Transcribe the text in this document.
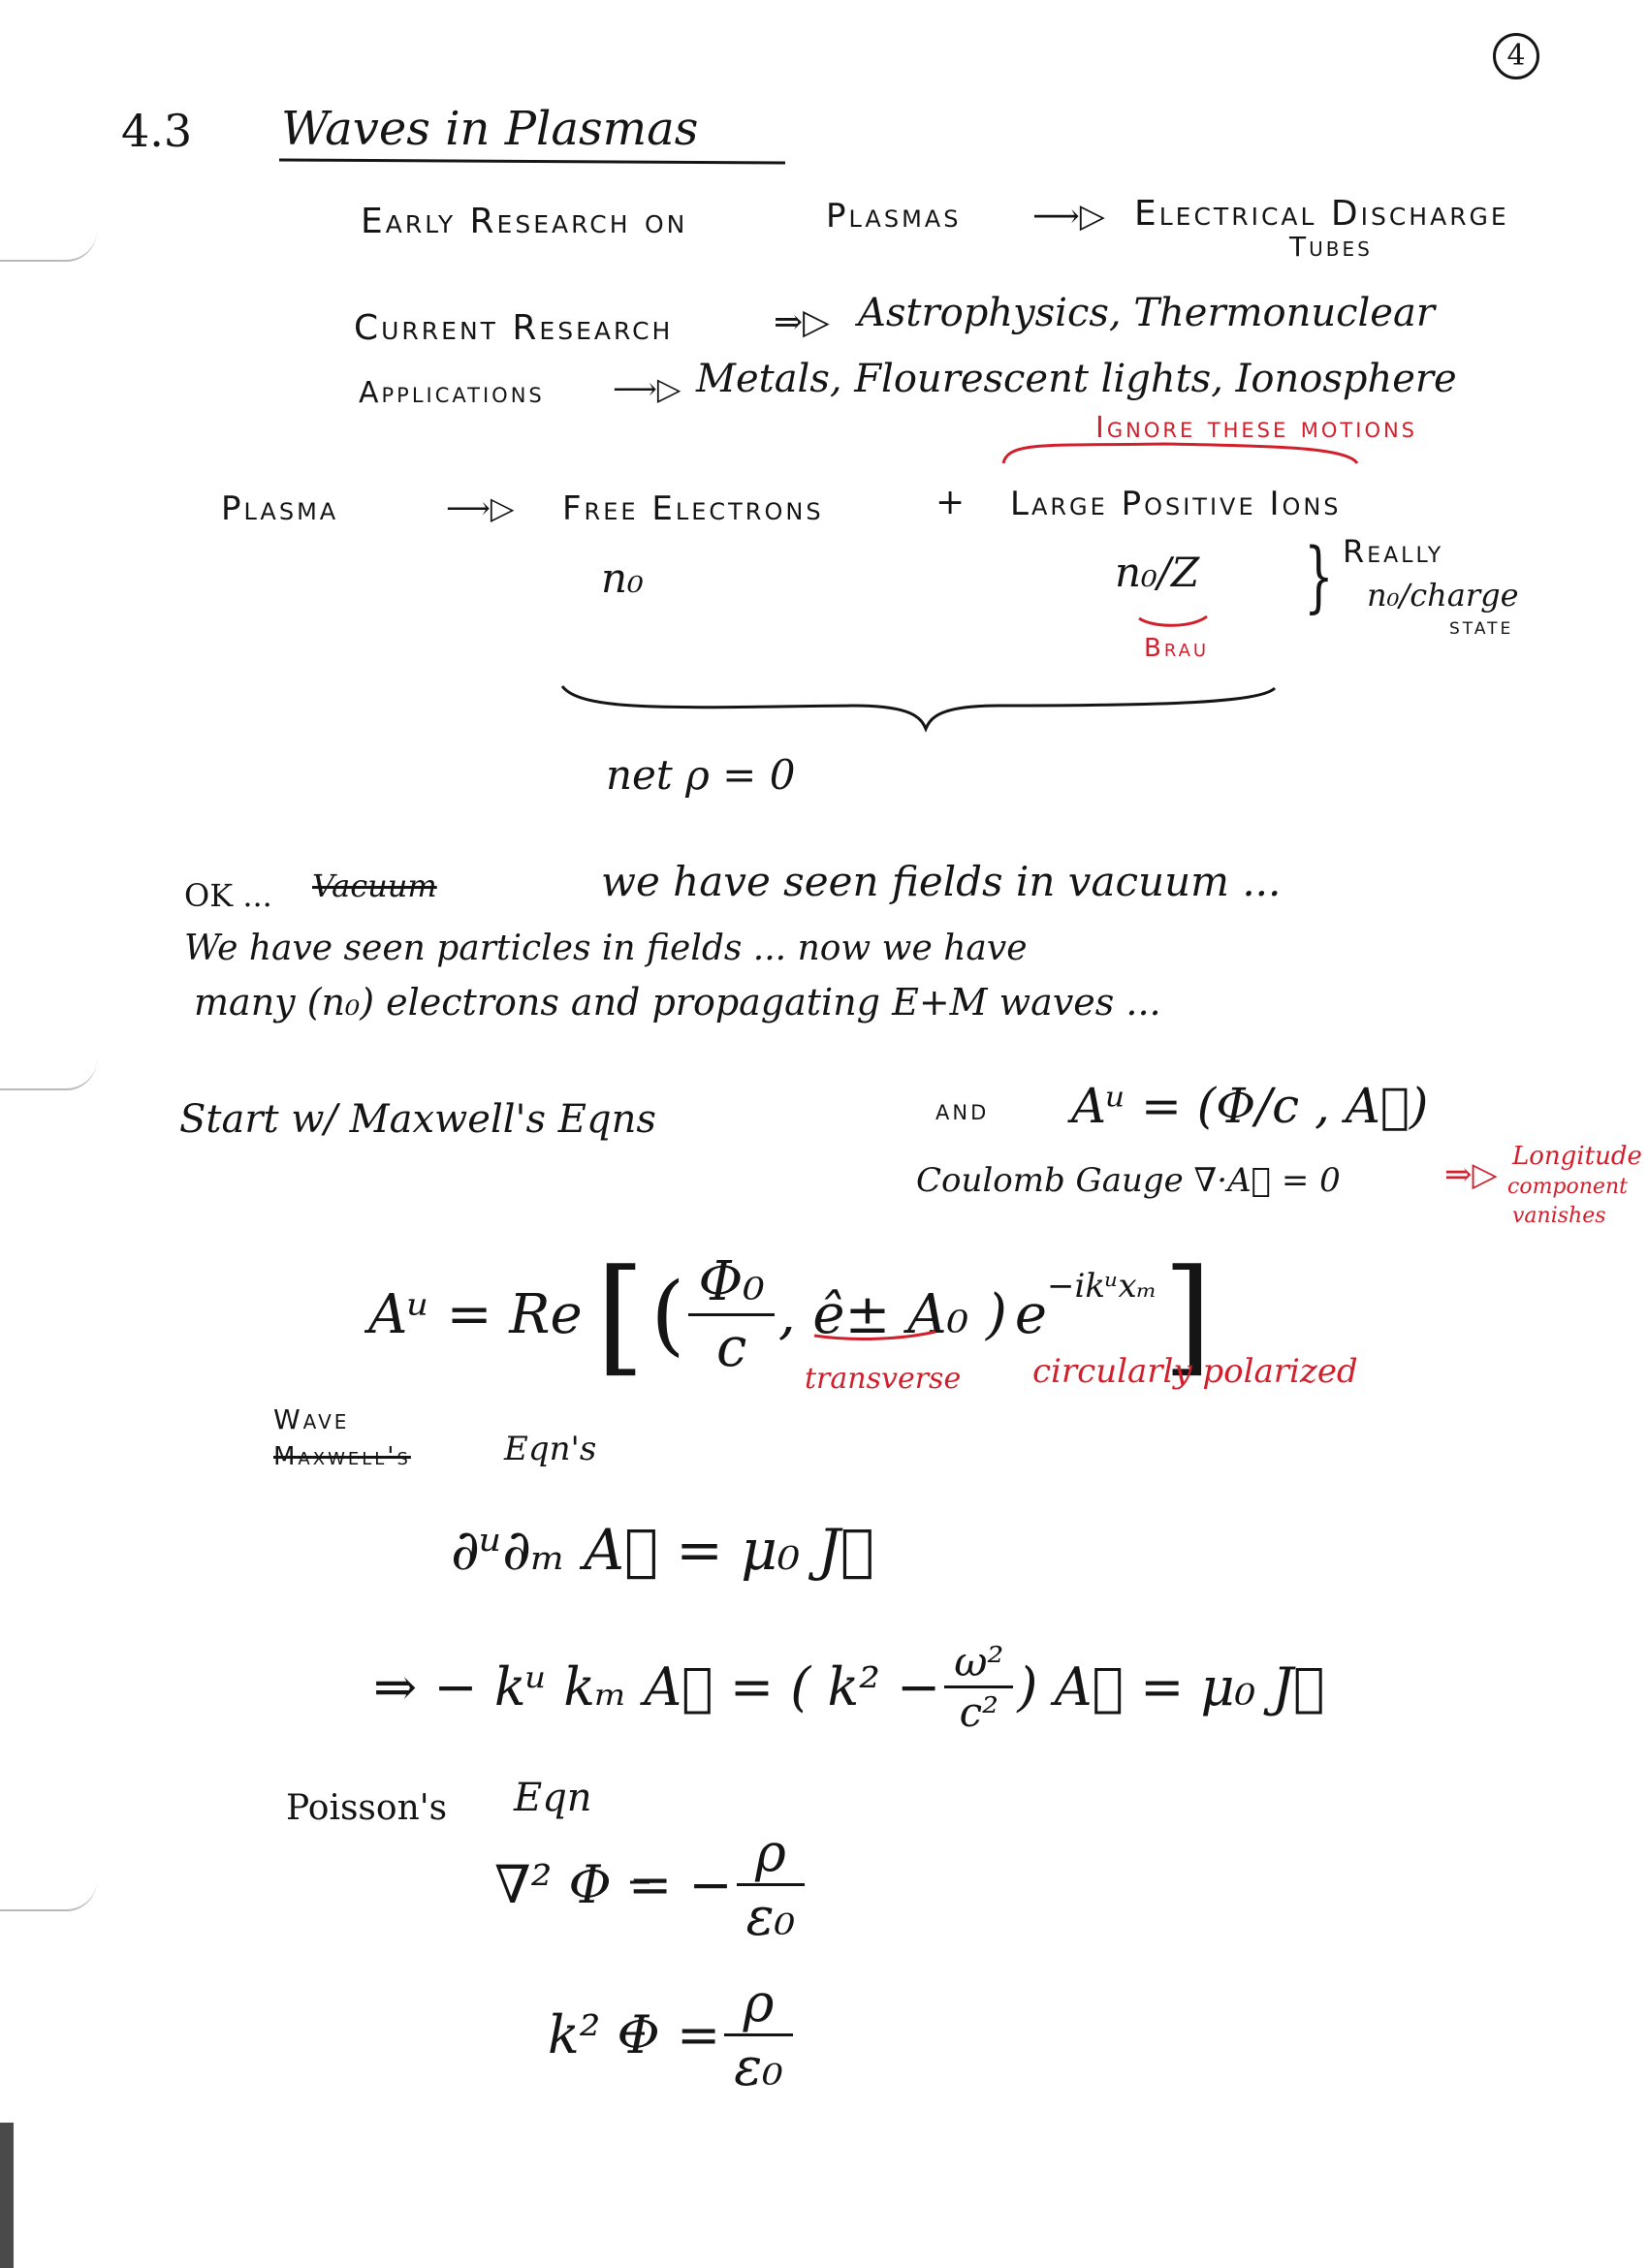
4
4.3 Waves in Plasmas
Early Research on	Plasmas ⟶▷ Electrical Discharge
Tubes
Current Research	⇒▷ Astrophysics, Thermonuclear
Applications ⟶▷ Metals, Flourescent lights, Ionosphere
Ignore these motions
Plasma	⟶▷ Free Electrons	+ Large Positive Ions
n₀	n₀/Z } Really
n₀/charge
state
Brau
net ρ = 0
OK ... Vacuum	we have seen fields in vacuum ...
We have seen particles in fields ... now we have
many (n₀) electrons and propagating E+M waves ...
Start w/ Maxwell's Eqns	and Aᵘ = (Φ/c , A⃗)
Coulomb Gauge ∇·A⃗ = 0	⇒▷ Longitude
component
vanishes
Aᵘ = Re [ ( $\frac{\text{Φ₀}}{c}$ , ê± A₀ ) e −ikᵘxₘ ]
transverse circularly polarized
Wave
Maxwell's	Eqn's
∂ᵘ∂ₘ A⃗ = μ₀ J⃗
⇒ − kᵘ kₘ A⃗ = ( $k^2 - \frac{\text{ω²}}{\text{c²}}$ ) A⃗ = μ₀ J⃗
Poisson's Eqn
∇² Φ = − $\frac{\rho}{\text{ε₀}}$
k² $\Phi = \frac{\rho}{\text{ε₀}}$
